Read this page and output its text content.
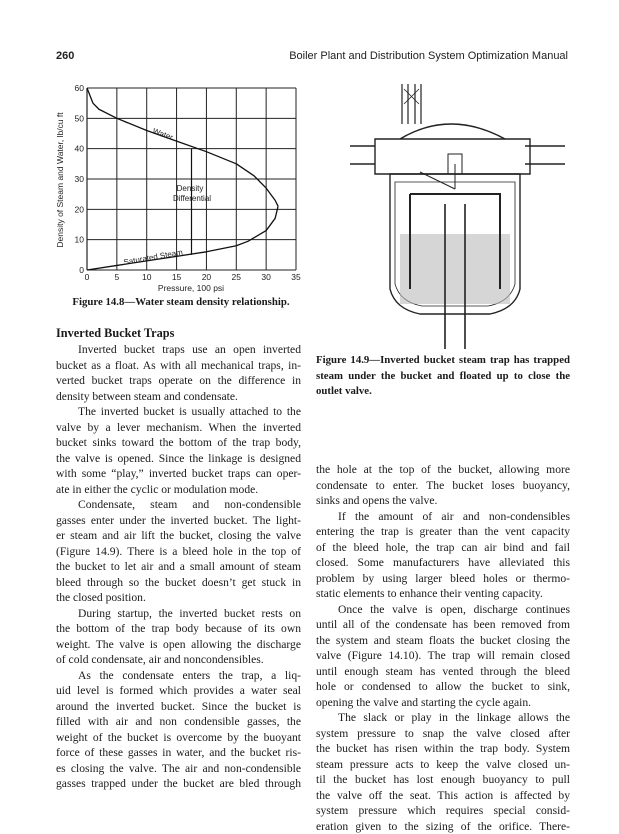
260	Boiler Plant and Distribution System Optimization Manual
0	5	10 15 20 25 30 35
0
10
20
30
40
50
60
Density of Steam and Water, lb/cu ft
Pressure, 100 psi
Water
Density
Differential
Saturated Steam
Figure 14.8—Water steam density relationship.
Figure 14.9—Inverted bucket steam trap has trapped
steam under the bucket and floated up to close the
outlet valve.
Inverted Bucket Traps
Inverted bucket traps use an open inverted
bucket as a float. As with all mechanical traps, in-
verted bucket traps operate on the difference in
density between steam and condensate.
The inverted bucket is usually attached to the
valve by a lever mechanism. When the inverted
bucket sinks toward the bottom of the trap body,
the valve is opened. Since the linkage is designed
with some “play,” inverted bucket traps can oper-
ate in either the cyclic or modulation mode.
Condensate, steam and non-condensible
gasses enter under the inverted bucket. The light-
er steam and air lift the bucket, closing the valve
(Figure 14.9). There is a bleed hole in the top of
the bucket to let air and a small amount of steam
bleed through so the bucket doesn’t get stuck in
the closed position.
During startup, the inverted bucket rests on
the bottom of the trap body because of its own
weight. The valve is open allowing the discharge
of cold condensate, air and noncondensibles.
As the condensate enters the trap, a liq-
uid level is formed which provides a water seal
around the inverted bucket. Since the bucket is
filled with air and non condensible gasses, the
weight of the bucket is overcome by the buoyant
force of these gasses in water, and the bucket ris-
es closing the valve. The air and non-condensible
gasses trapped under the bucket are bled through
the hole at the top of the bucket, allowing more
condensate to enter. The bucket loses buoyancy,
sinks and opens the valve.
If the amount of air and non-condensibles
entering the trap is greater than the vent capacity
of the bleed hole, the trap can air bind and fail
closed. Some manufacturers have alleviated this
problem by using larger bleed holes or thermo-
static elements to enhance their venting capacity.
Once the valve is open, discharge continues
until all of the condensate has been removed from
the system and steam floats the bucket closing the
valve (Figure 14.10). The trap will remain closed
until enough steam has vented through the bleed
hole or condensed to allow the bucket to sink,
opening the valve and starting the cycle again.
The slack or play in the linkage allows the
system pressure to snap the valve closed after
the bucket has risen within the trap body. System
steam pressure acts to keep the valve closed un-
til the bucket has lost enough buoyancy to pull
the valve off the seat. This action is affected by
system pressure which requires special consid-
eration given to the sizing of the orifice. There-
